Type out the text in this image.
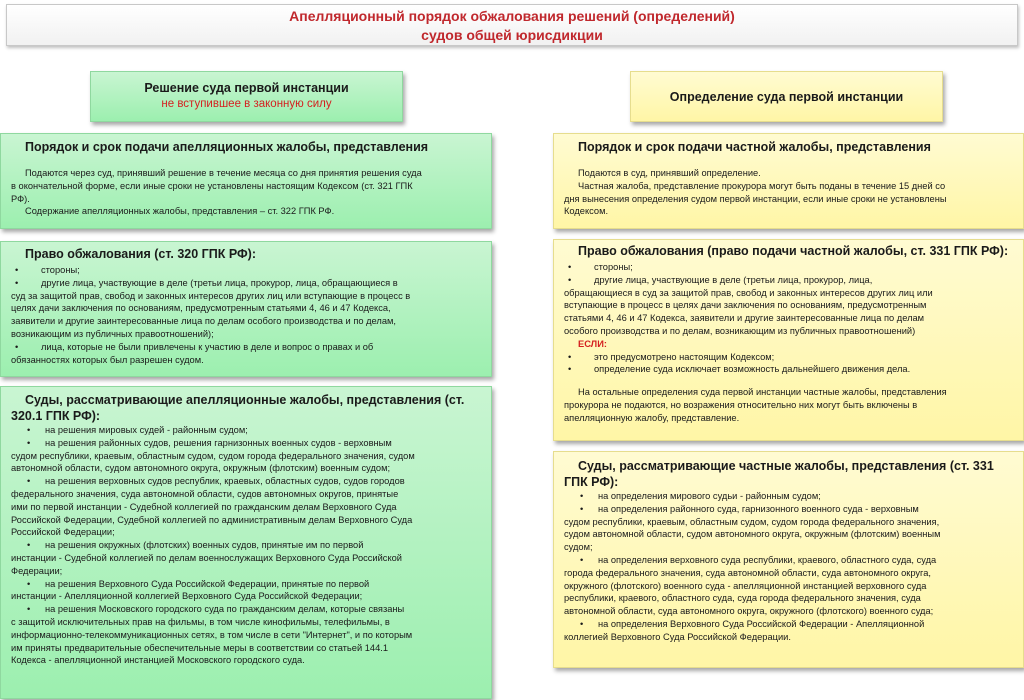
Апелляционный порядок обжалования решений (определений)
судов общей юрисдикции
Решение суда первой инстанции
не вступившее в законную силу	Определение суда первой инстанции
Порядок и срок подачи апелляционных жалобы, представления
Подаются через суд, принявший решение в течение месяца со дня принятия решения суда
в окончательной форме, если иные сроки не установлены настоящим Кодексом (ст. 321 ГПК
РФ).
Содержание апелляционных жалобы, представления – ст. 322 ГПК РФ.
Право обжалования (ст. 320 ГПК РФ):
• стороны;
• другие лица, участвующие в деле (третьи лица, прокурор, лица, обращающиеся в
суд за защитой прав, свобод и законных интересов других лиц или вступающие в процесс в
целях дачи заключения по основаниям, предусмотренным статьями 4, 46 и 47 Кодекса,
заявители и другие заинтересованные лица по делам особого производства и по делам,
возникающим из публичных правоотношений);
• лица, которые не были привлечены к участию в деле и вопрос о правах и об
обязанностях которых был разрешен судом.
Суды, рассматривающие апелляционные жалобы, представления (ст.
320.1 ГПК РФ):
• на решения мировых судей - районным судом;
• на решения районных судов, решения гарнизонных военных судов - верховным
судом республики, краевым, областным судом, судом города федерального значения, судом
автономной области, судом автономного округа, окружным (флотским) военным судом;
• на решения верховных судов республик, краевых, областных судов, судов городов
федерального значения, суда автономной области, судов автономных округов, принятые
ими по первой инстанции - Судебной коллегией по гражданским делам Верховного Суда
Российской Федерации, Судебной коллегией по административным делам Верховного Суда
Российской Федерации;
• на решения окружных (флотских) военных судов, принятые им по первой
инстанции - Судебной коллегией по делам военнослужащих Верховного Суда Российской
Федерации;
• на решения Верховного Суда Российской Федерации, принятые по первой
инстанции - Апелляционной коллегией Верховного Суда Российской Федерации;
• на решения Московского городского суда по гражданским делам, которые связаны
с защитой исключительных прав на фильмы, в том числе кинофильмы, телефильмы, в
информационно-телекоммуникационных сетях, в том числе в сети "Интернет", и по которым
им приняты предварительные обеспечительные меры в соответствии со статьей 144.1
Кодекса - апелляционной инстанцией Московского городского суда.
Порядок и срок подачи частной жалобы, представления
Подаются в суд, принявший определение.
Частная жалоба, представление прокурора могут быть поданы в течение 15 дней со
дня вынесения определения судом первой инстанции, если иные сроки не установлены
Кодексом.
Право обжалования (право подачи частной жалобы, ст. 331 ГПК РФ):
• стороны;
• другие лица, участвующие в деле (третьи лица, прокурор, лица,
обращающиеся в суд за защитой прав, свобод и законных интересов других лиц или
вступающие в процесс в целях дачи заключения по основаниям, предусмотренным
статьями 4, 46 и 47 Кодекса, заявители и другие заинтересованные лица по делам
особого производства и по делам, возникающим из публичных правоотношений)
ЕСЛИ:
• это предусмотрено настоящим Кодексом;
• определение суда исключает возможность дальнейшего движения дела.
На остальные определения суда первой инстанции частные жалобы, представления
прокурора не подаются, но возражения относительно них могут быть включены в
апелляционную жалобу, представление.
Суды, рассматривающие частные жалобы, представления (ст. 331
ГПК РФ):
• на определения мирового судьи - районным судом;
• на определения районного суда, гарнизонного военного суда - верховным
судом республики, краевым, областным судом, судом города федерального значения,
судом автономной области, судом автономного округа, окружным (флотским) военным
судом;
• на определения верховного суда республики, краевого, областного суда, суда
города федерального значения, суда автономной области, суда автономного округа,
окружного (флотского) военного суда - апелляционной инстанцией верховного суда
республики, краевого, областного суда, суда города федерального значения, суда
автономной области, суда автономного округа, окружного (флотского) военного суда;
• на определения Верховного Суда Российской Федерации - Апелляционной
коллегией Верховного Суда Российской Федерации.
